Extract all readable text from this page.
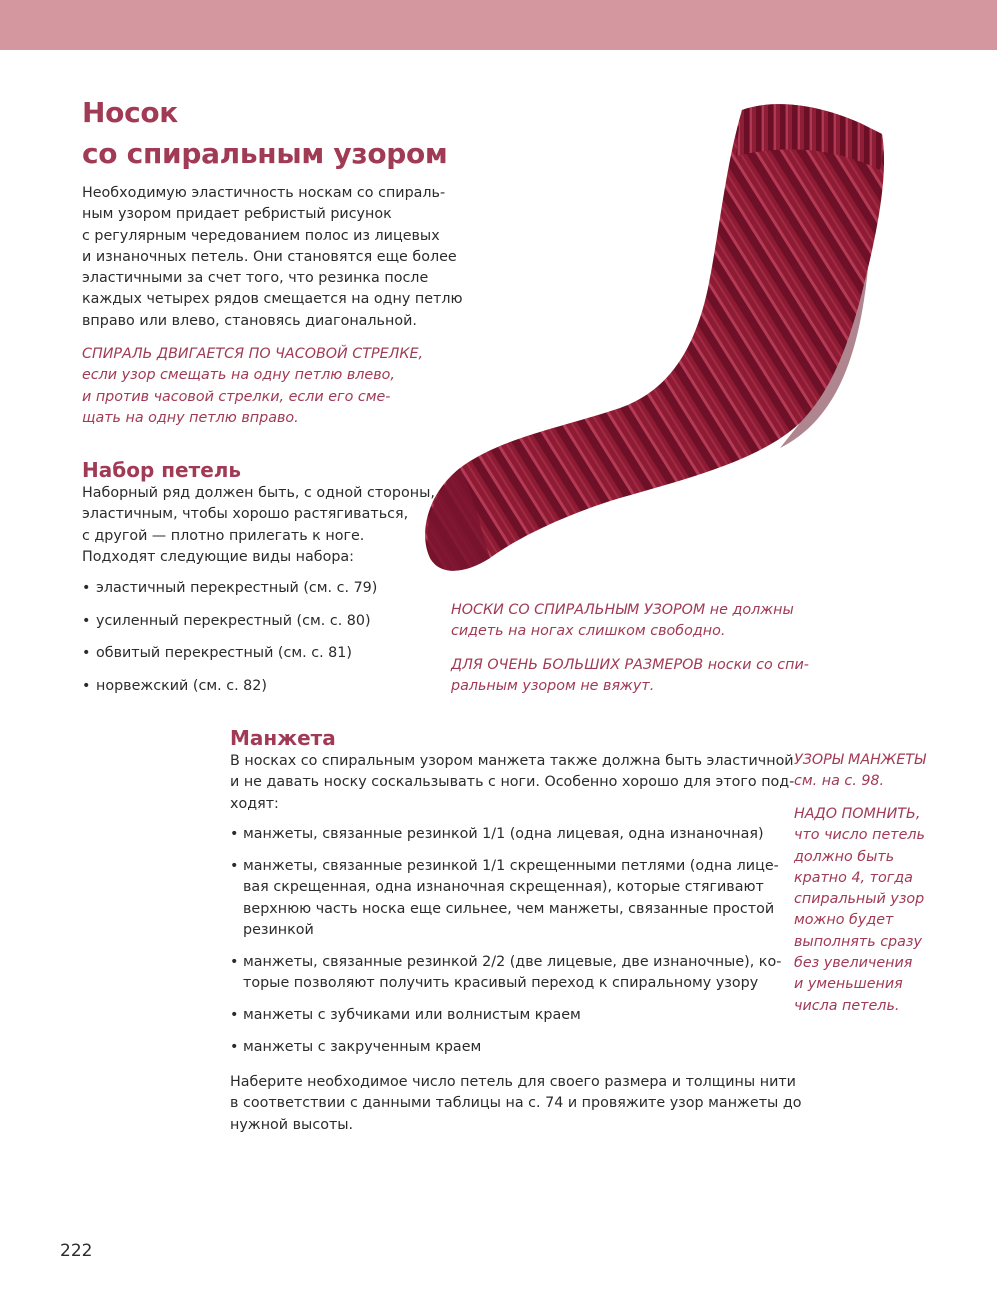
Носок
со спиральным узором

Необходимую эластичность носкам со спираль-
ным узором придает ребристый рисунок
с регулярным чередованием полос из лицевых
и изнаночных петель. Они становятся еще более
эластичными за счет того, что резинка после
каждых четырех рядов смещается на одну петлю
вправо или влево, становясь диагональной.

СПИРАЛЬ ДВИГАЕТСЯ ПО ЧАСОВОЙ СТРЕЛКЕ,
если узор смещать на одну петлю влево,
и против часовой стрелки, если его сме-
щать на одну петлю вправо.

Набор петель

Наборный ряд должен быть, с одной стороны,
эластичным, чтобы хорошо растягиваться,
с другой — плотно прилегать к ноге.
Подходят следующие виды набора:

• эластичный перекрестный (см. с. 79)
• усиленный перекрестный (см. с. 80)
• обвитый перекрестный (см. с. 81)
• норвежский (см. с. 82)

НОСКИ СО СПИРАЛЬНЫМ УЗОРОМ не должны
сидеть на ногах слишком свободно.

ДЛЯ ОЧЕНЬ БОЛЬШИХ РАЗМЕРОВ носки со спи-
ральным узором не вяжут.

Манжета

В носках со спиральным узором манжета также должна быть эластичной
и не давать носку соскальзывать с ноги. Особенно хорошо для этого под-
ходят:

• манжеты, связанные резинкой 1/1 (одна лицевая, одна изнаночная)
• манжеты, связанные резинкой 1/1 скрещенными петлями (одна лице-
вая скрещенная, одна изнаночная скрещенная), которые стягивают
верхнюю часть носка еще сильнее, чем манжеты, связанные простой
резинкой
• манжеты, связанные резинкой 2/2 (две лицевые, две изнаночные), ко-
торые позволяют получить красивый переход к спиральному узору
• манжеты с зубчиками или волнистым краем
• манжеты с закрученным краем

Наберите необходимое число петель для своего размера и толщины нити
в соответствии с данными таблицы на с. 74 и провяжите узор манжеты до
нужной высоты.

УЗОРЫ МАНЖЕТЫ
см. на с. 98.

НАДО ПОМНИТЬ,
что число петель
должно быть
кратно 4, тогда
спиральный узор
можно будет
выполнять сразу
без увеличения
и уменьшения
числа петель.

222
